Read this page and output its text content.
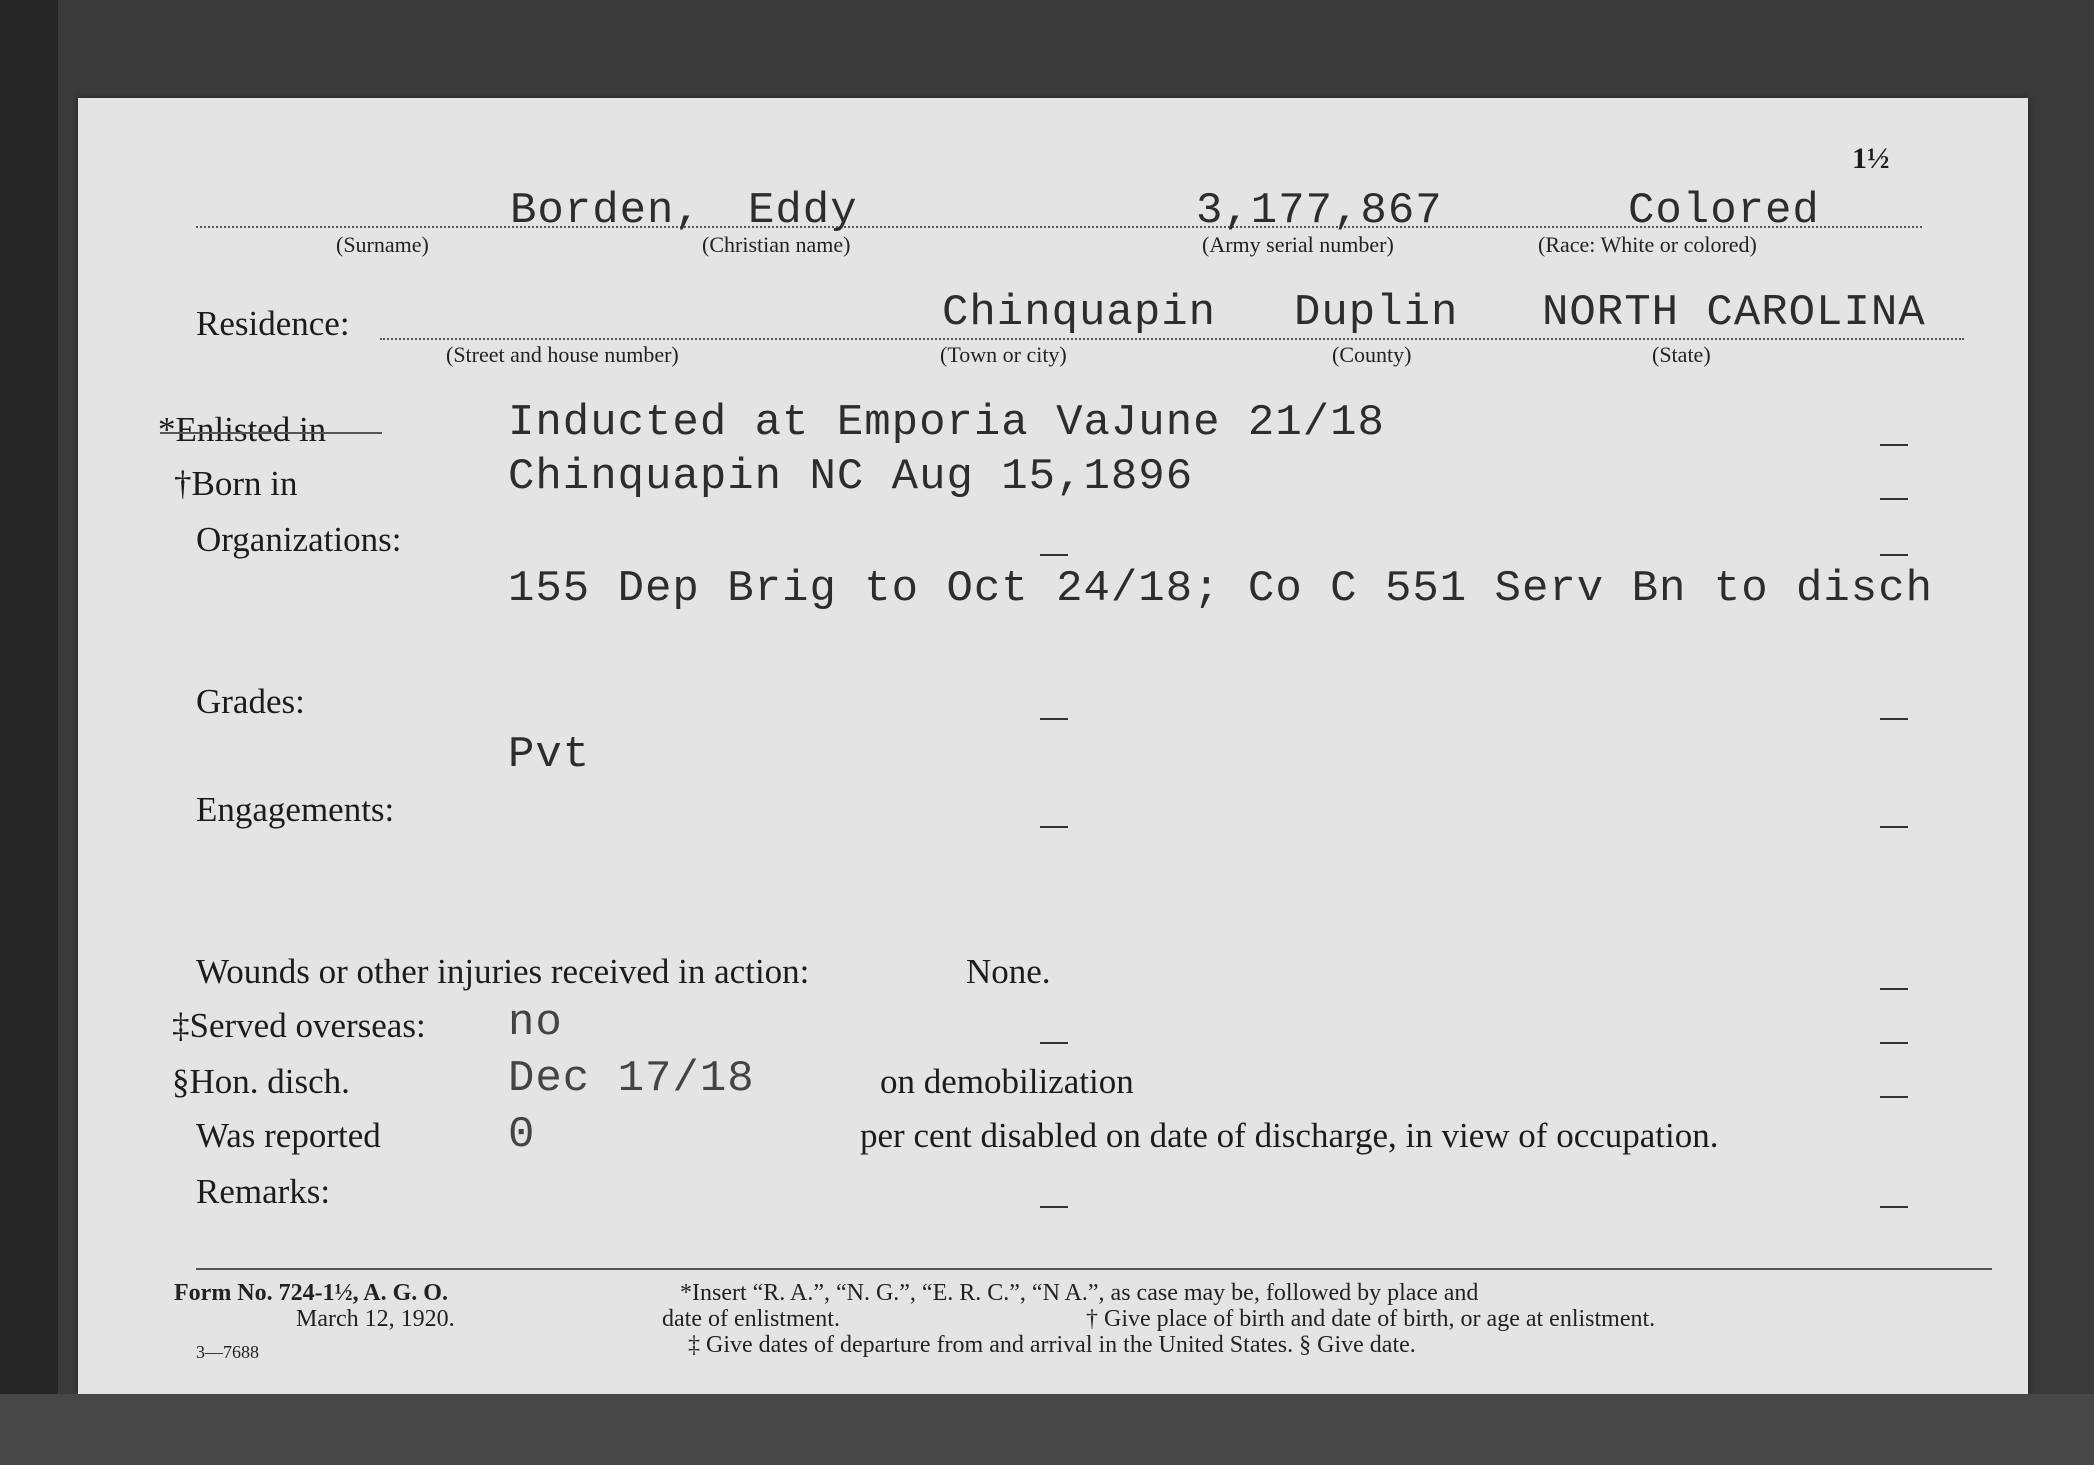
1½
Borden, Eddy	3,177,867	Colored
(Surname)	(Christian name)	(Army serial number)	(Race: White or colored)
Residence:	Chinquapin Duplin NORTH CAROLINA
(Street and house number)	(Town or city)	(County)	(State)
*Enlisted in	Inducted at Emporia VaJune 21/18
†Born in	Chinquapin NC Aug 15,1896
Organizations:
155 Dep Brig to Oct 24/18; Co C 551 Serv Bn to disch
Grades:
Pvt
Engagements:
Wounds or other injuries received in action:	None.
‡Served overseas: no
§Hon. disch.	Dec 17/18	on demobilization
Was reported	0	per cent disabled on date of discharge, in view of occupation.
Remarks:
Form No. 724-1½, A. G. O.
March 12, 1920.
3—7688
*Insert “R. A.”, “N. G.”, “E. R. C.”, “N A.”, as case may be, followed by place and
date of enlistment.	† Give place of birth and date of birth, or age at enlistment.
‡ Give dates of departure from and arrival in the United States. § Give date.
